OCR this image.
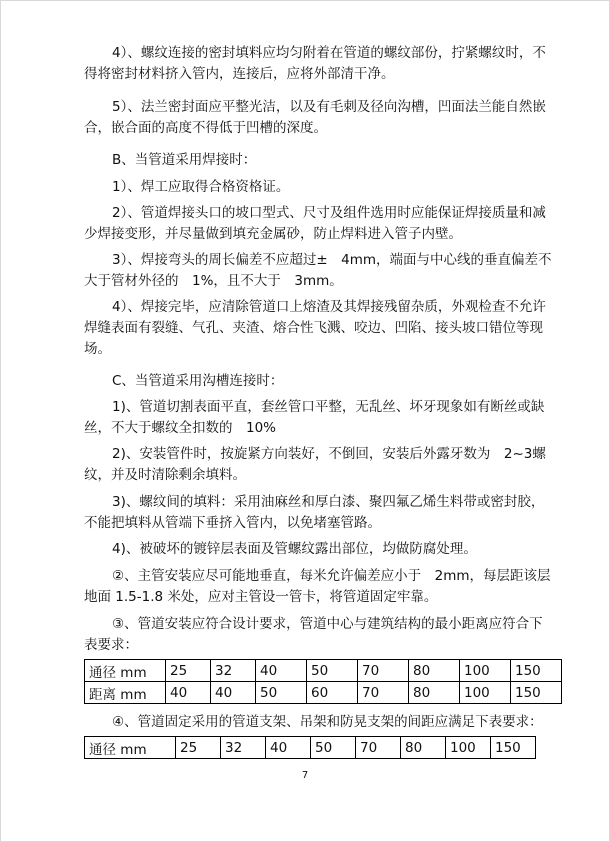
4）、螺纹连接的密封填料应均匀附着在管道的螺纹部份，拧紧螺纹时，不得将密封材料挤入管内，连接后，应将外部清干净。

5）、法兰密封面应平整光洁，以及有毛刺及径向沟槽，凹面法兰能自然嵌合，嵌合面的高度不得低于凹槽的深度。

B、当管道采用焊接时：

1）、焊工应取得合格资格证。

2）、管道焊接头口的坡口型式、尺寸及组件选用时应能保证焊接质量和减少焊接变形，并尽量做到填充金属砂，防止焊料进入管子内壁。

3）、焊接弯头的周长偏差不应超过±　4mm，端面与中心线的垂直偏差不大于管材外径的　1%，且不大于　3mm。

4）、焊接完毕，应清除管道口上熔渣及其焊接残留杂质，外观检查不允许焊缝表面有裂缝、气孔、夹渣、熔合性飞溅、咬边、凹陷、接头坡口错位等现场。

C、当管道采用沟槽连接时：

1)、管道切割表面平直，套丝管口平整，无乱丝、坏牙现象如有断丝或缺丝，不大于螺纹全扣数的　10%

2)、安装管件时，按旋紧方向装好，不倒回，安装后外露牙数为　2~3螺纹，并及时清除剩余填料。

3)、螺纹间的填料：采用油麻丝和厚白漆、聚四氟乙烯生料带或密封胶，不能把填料从管端下垂挤入管内，以免堵塞管路。

4)、被破坏的镀锌层表面及管螺纹露出部位，均做防腐处理。

②、主管安装应尽可能地垂直，每米允许偏差应小于　2mm，每层距该层地面 1.5-1.8 米处，应对主管设一管卡，将管道固定牢靠。

③、管道安装应符合设计要求，管道中心与建筑结构的最小距离应符合下表要求：

通径 mm	25	32	40	50	70	80	100	150
距离 mm	40	40	50	60	70	80	100	150

④、管道固定采用的管道支架、吊架和防晃支架的间距应满足下表要求：

通径 mm	25	32	40	50	70	80	100	150
7
